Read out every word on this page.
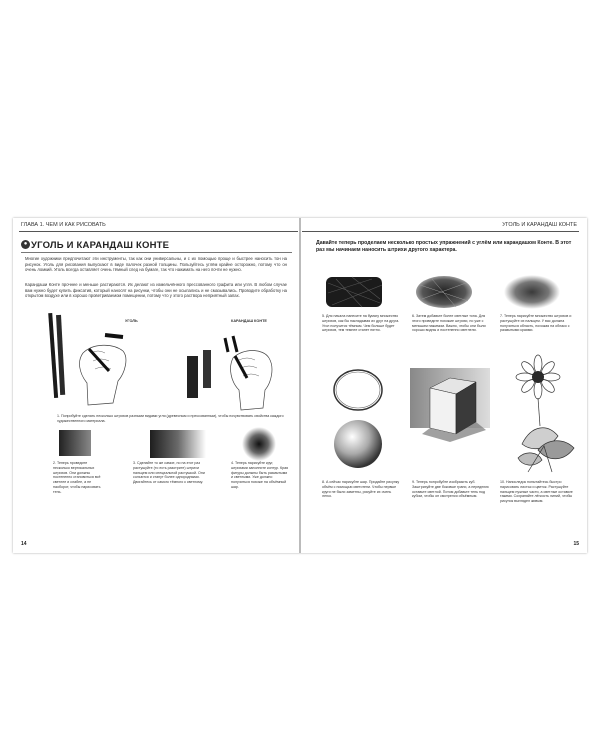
ГЛАВА 1. ЧЕМ И КАК РИСОВАТЬ
● УГОЛЬ И КАРАНДАШ КОНТЕ
Многие художники предпочитают эти инструменты, так как они универсальны, и с их помощью проще и быстрее наносить тон на рисунок. Уголь для рисования выпускают в виде палочек разной толщины. Пользуйтесь углём крайне осторожно, потому что он очень ломкий. Уголь всегда оставляет очень тёмный след на бумаге, так что нажимать на него почти не нужно.
Карандаши Конте прочнее и меньше растираются. Их делают из измельчённого прессованного графита или угля. В любом случае вам нужно будет купить фиксатив, который наносят на рисунки, чтобы они не осыпались и не смазывались. Проводите обработку на открытом воздухе или в хорошо проветриваемом помещении, потому что у этого раствора неприятный запах.
УГОЛЬ	КАРАНДАШ КОНТЕ
1. Попробуйте сделать несколько штрихов разными видами угля (древесным и прессованным), чтобы почувствовать свойства каждого художественного материала.
2. Теперь проведите несколько вертикальных штрихов. Они должны постепенно становиться всё светлее и слабее, а не наоборот, чтобы нарисовать тень.
3. Сделайте то же самое, но на этот раз растушуйте (то есть разотрите) штрихи пальцем или специальной растушкой. Они сольются и станут более однородными. Двигайтесь от самого тёмного к светлому.
4. Теперь нарисуйте круг, штрихами заполните контур. Края фигуры должны быть размытыми и светлыми. Уже должно получиться похоже на объёмный шар.
14
УГОЛЬ И КАРАНДАШ КОНТЕ
Давайте теперь проделаем несколько простых упражнений с углём или карандашом Конте. В этот раз мы начинаем наносить штрихи другого характера.
5. Для начала нанесите на бумагу множество штрихов, как бы накладывая их друг на друга. Угол получится тёмным. Чем больше будет штрихов, тем темнее станет пятно.
6. Затем добавьте более светлые тона. Для этого проведите похожие штрихи, но уже с меньшим нажимом. Важно, чтобы они были хорошо видны и постепенно светлели.
7. Теперь нарисуйте множество штрихов и растушуйте их пальцем. У вас должна получиться область, похожая на облако с размытыми краями.
8. А сейчас нарисуйте шар. Придайте рисунку объём с помощью светотени. Чтобы первые круги не были заметны, рисуйте их очень легко.
9. Теперь попробуйте изобразить куб. Заштрихуйте две боковые грани, а переднюю оставьте светлой. Потом добавьте тень под кубом, чтобы он смотрелся объёмным.
10. Напоследок попытайтесь быстро нарисовать листья и цветок. Растушуйте пальцем нужные части, а светлые оставьте такими. Сохраняйте лёгкость линий, чтобы рисунок выглядел живым.
15
